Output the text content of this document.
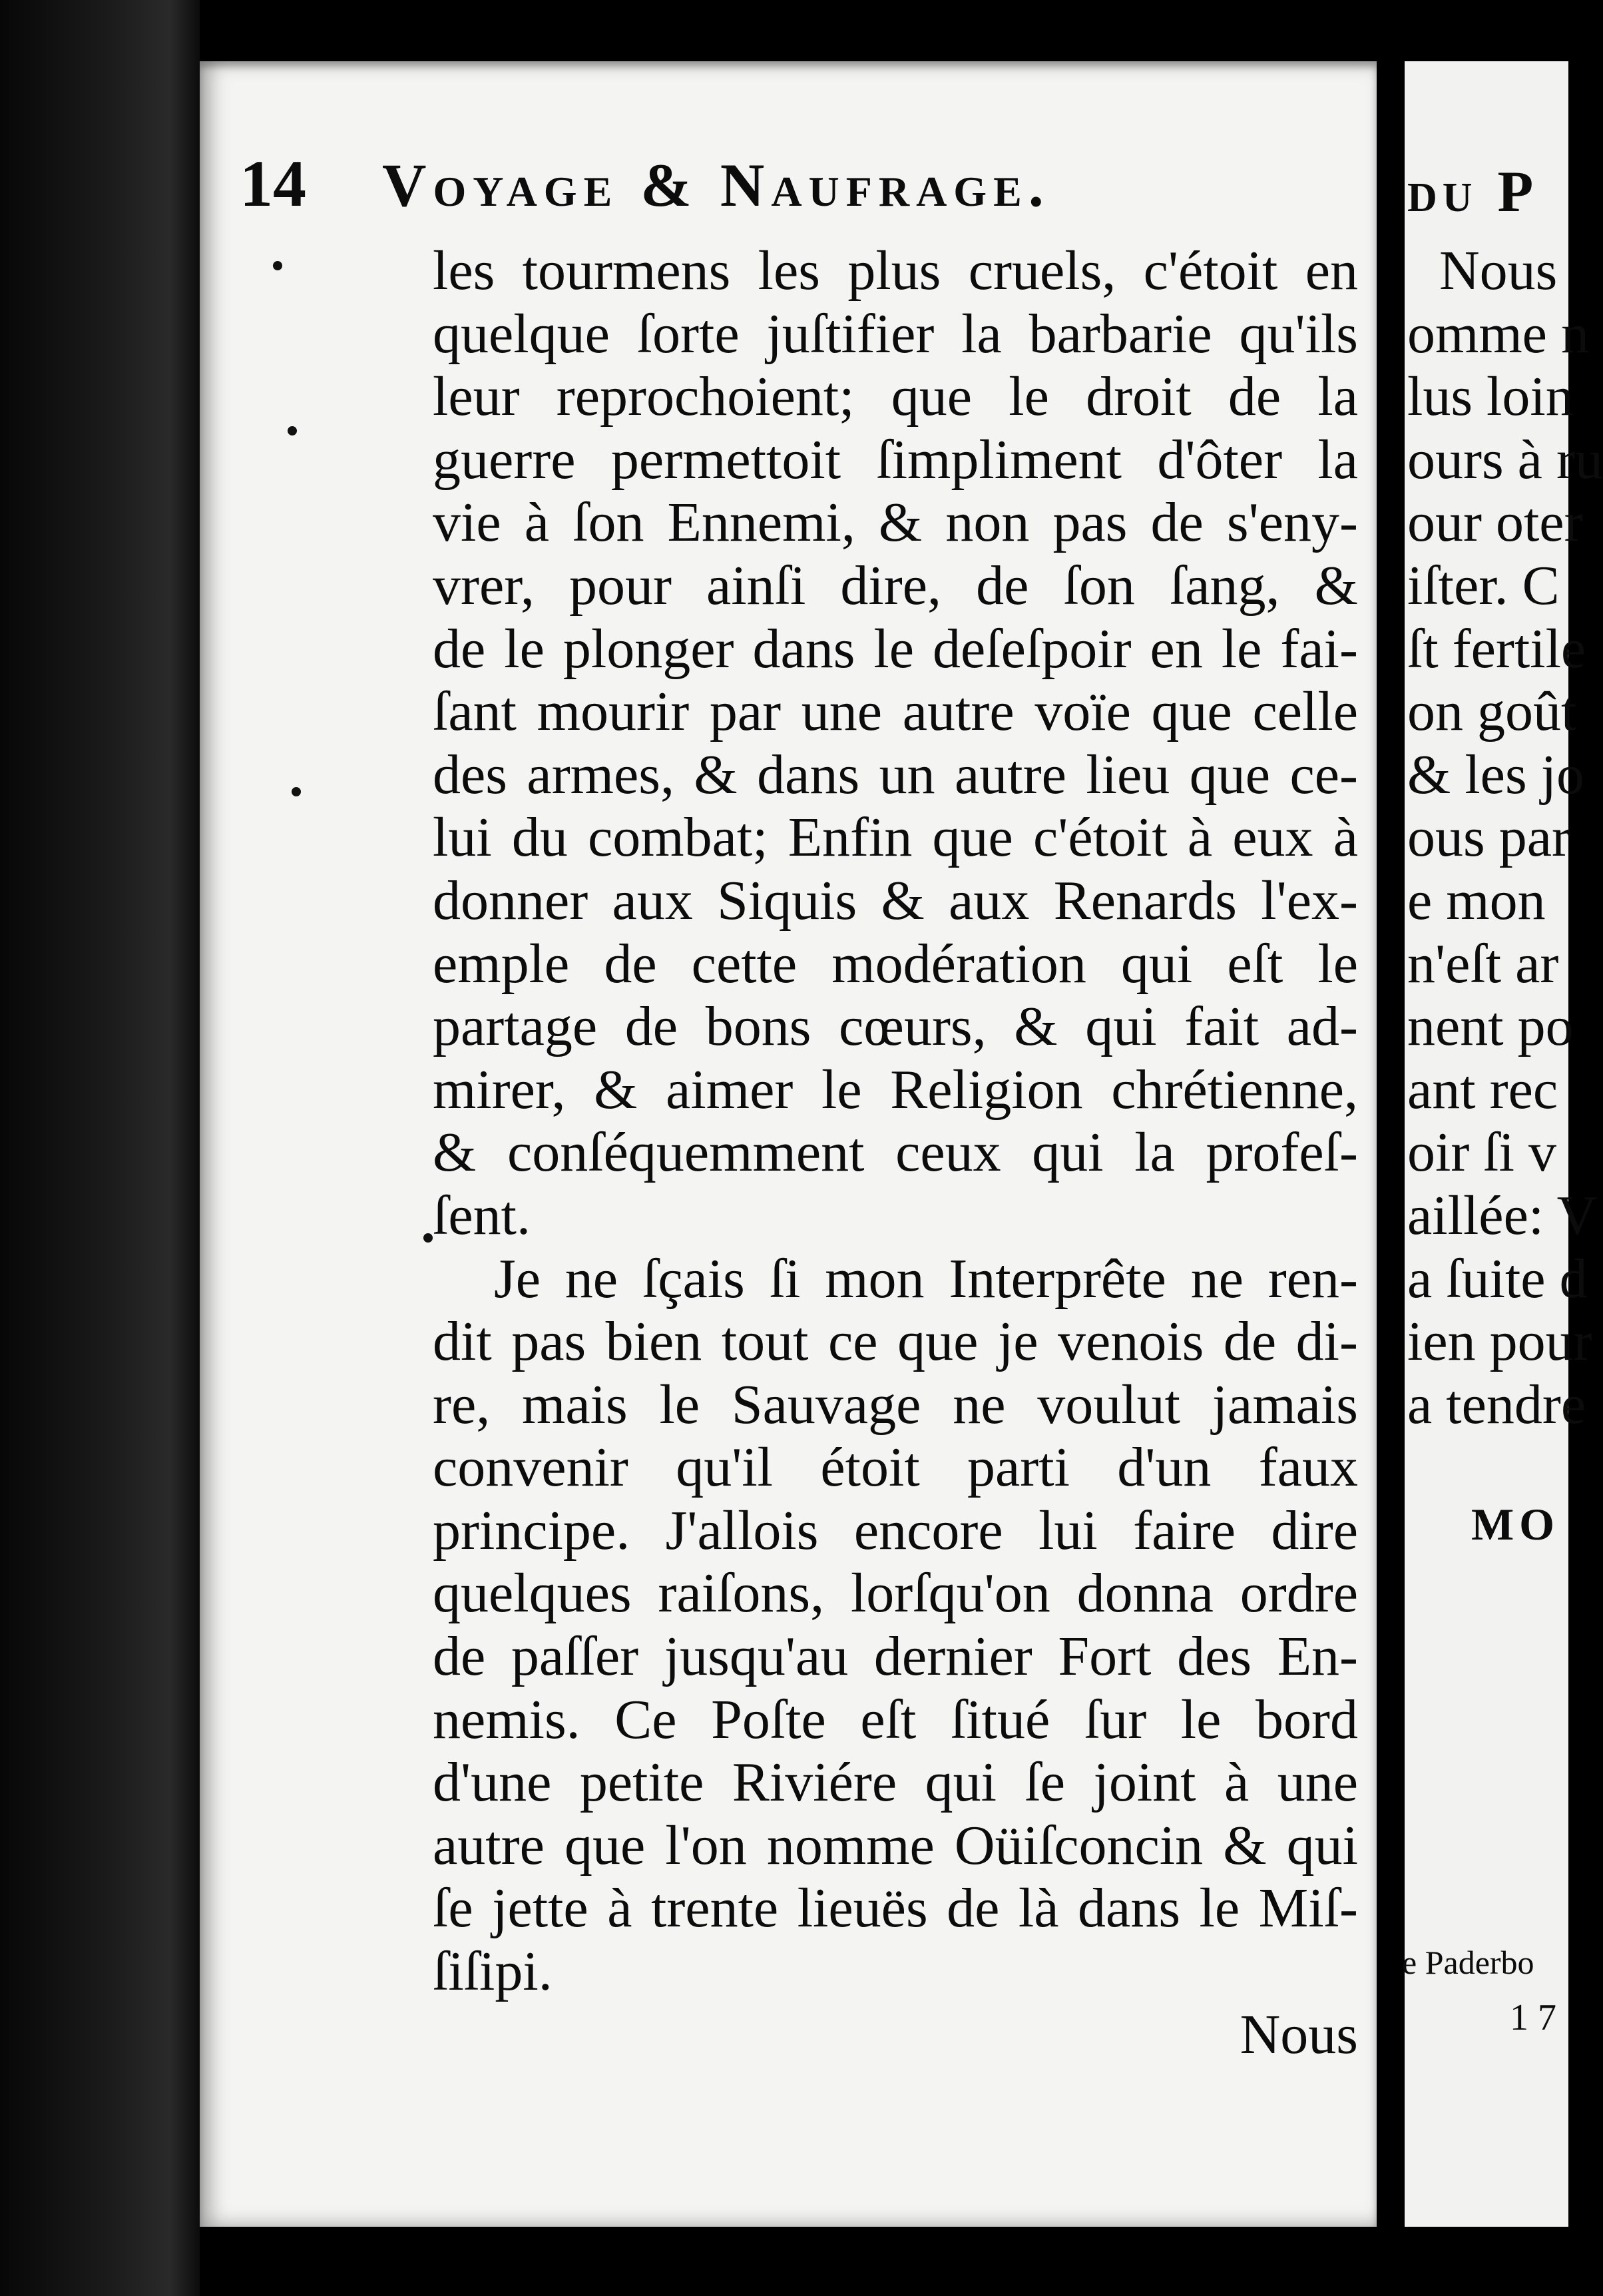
14 Voyage & Naufrage.
les tourmens les plus cruels, c'étoit en
quelque ſorte juſtifier la barbarie qu'ils
leur reprochoient; que le droit de la
guerre permettoit ſimpliment d'ôter la
vie à ſon Ennemi, & non pas de s'eny-
vrer, pour ainſi dire, de ſon ſang, &
de le plonger dans le deſeſpoir en le fai-
ſant mourir par une autre voïe que celle
des armes, & dans un autre lieu que ce-
lui du combat; Enfin que c'étoit à eux à
donner aux Siquis & aux Renards l'ex-
emple de cette modération qui eſt le
partage de bons cœurs, & qui fait ad-
mirer, & aimer le Religion chrétienne,
& conſéquemment ceux qui la profeſ-
ſent.
Je ne ſçais ſi mon Interprête ne ren-
dit pas bien tout ce que je venois de di-
re, mais le Sauvage ne voulut jamais
convenir qu'il étoit parti d'un faux
principe. J'allois encore lui faire dire
quelques raiſons, lorſqu'on donna ordre
de paſſer jusqu'au dernier Fort des En-
nemis. Ce Poſte eſt ſitué ſur le bord
d'une petite Riviére qui ſe joint à une
autre que l'on nomme Oüiſconcin & qui
ſe jette à trente lieuës de là dans le Miſ-
ſiſipi.
Nous
du P
Nous
omme n
lus loin
ours à ru
our oter
iſter. C
ſt fertile
on goût
& les jo
ous par
e mon
n'eſt ar
nent po
ant rec
oir ſi v
aillée: V
a ſuite d
ien pour
a tendre
MO
e Paderbo
17
